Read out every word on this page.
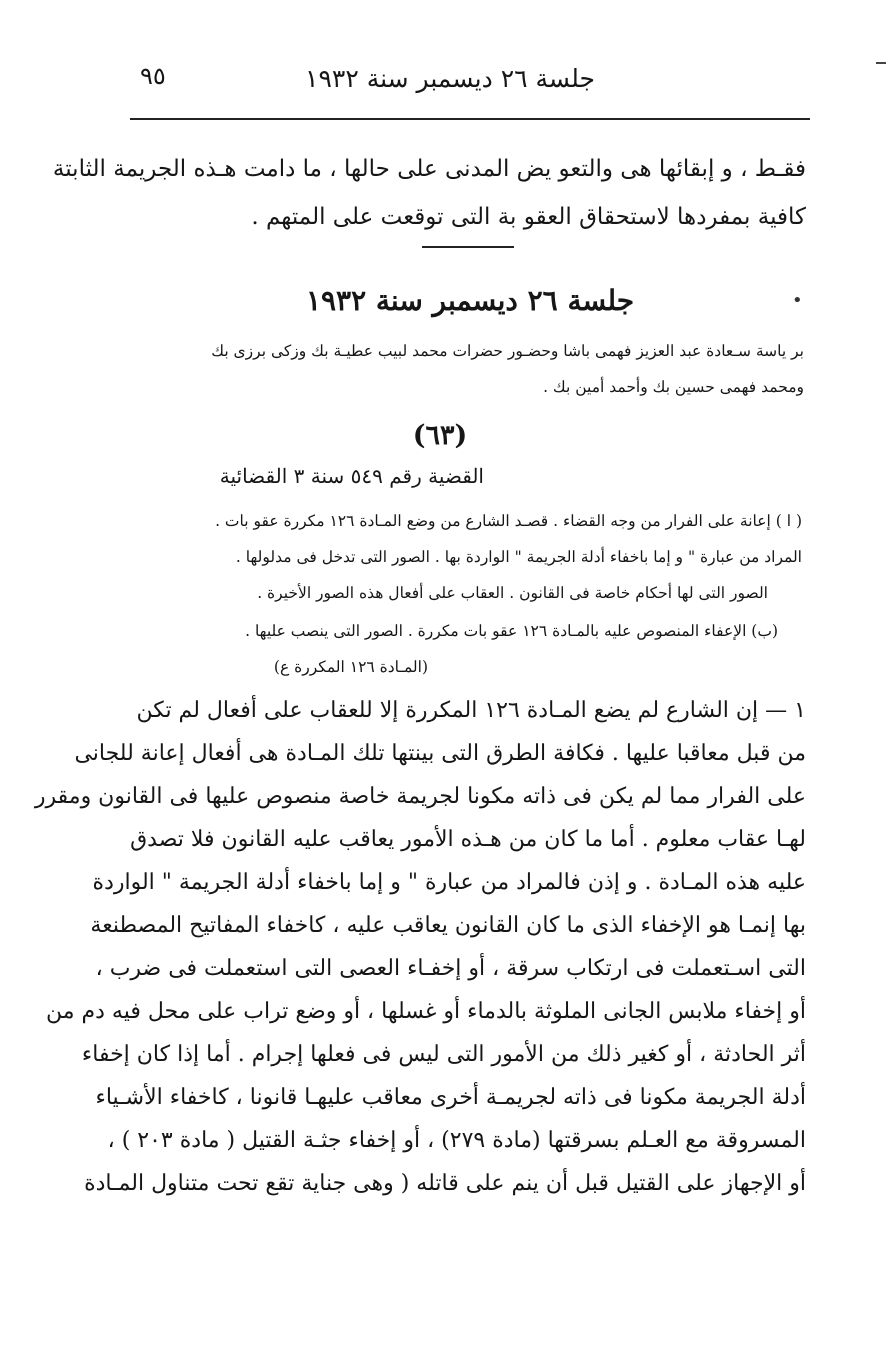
جلسة ٢٦ ديسمبر سنة ١٩٣٢
٩٥
فقـط ، و إبقائها هى والتعو يض المدنى على حالها ، ما دامت هـذه الجريمة الثابتة
كافية بمفردها لاستحقاق العقو بة التى توقعت على المتهم .
•
جلسة ٢٦ ديسمبر سنة ١٩٣٢
بر ياسة سـعادة عبد العزيز فهمى باشا وحضـور حضرات محمد لبيب عطيـة بك وزكى برزى بك
ومحمد فهمى حسين بك وأحمد أمين بك .
(٦٣)
القضية رقم ٥٤٩ سنة ٣ القضائية
( ا ) إعانة على الفرار من وجه القضاء . قصـد الشارع من وضع المـادة ١٢٦ مكررة عقو بات .
المراد من عبارة " و إما باخفاء أدلة الجريمة " الواردة بها . الصور التى تدخل فى مدلولها .
الصور التى لها أحكام خاصة فى القانون . العقاب على أفعال هذه الصور الأخيرة .
(ب) الإعفاء المنصوص عليه بالمـادة ١٢٦ عقو بات مكررة . الصور التى ينصب عليها .
(المـادة ١٢٦ المكررة ع)
١ — إن الشارع لم يضع المـادة ١٢٦ المكررة إلا للعقاب على أفعال لم تكن
من قبل معاقبا عليها . فكافة الطرق التى بينتها تلك المـادة هى أفعال إعانة للجانى
على الفرار مما لم يكن فى ذاته مكونا لجريمة خاصة منصوص عليها فى القانون ومقرر
لهـا عقاب معلوم . أما ما كان من هـذه الأمور يعاقب عليه القانون فلا تصدق
عليه هذه المـادة . و إذن فالمراد من عبارة " و إما باخفاء أدلة الجريمة " الواردة
بها إنمـا هو الإخفاء الذى ما كان القانون يعاقب عليه ، كاخفاء المفاتيح المصطنعة
التى اسـتعملت فى ارتكاب سرقة ، أو إخفـاء العصى التى استعملت فى ضرب ،
أو إخفاء ملابس الجانى الملوثة بالدماء أو غسلها ، أو وضع تراب على محل فيه دم من
أثر الحادثة ، أو كغير ذلك من الأمور التى ليس فى فعلها إجرام . أما إذا كان إخفاء
أدلة الجريمة مكونا فى ذاته لجريمـة أخرى معاقب عليهـا قانونا ، كاخفاء الأشـياء
المسروقة مع العـلم بسرقتها (مادة ٢٧٩) ، أو إخفاء جثـة القتيل ( مادة ٢٠٣ ) ،
أو الإجهاز على القتيل قبل أن ينم على قاتله ( وهى جناية تقع تحت متناول المـادة
